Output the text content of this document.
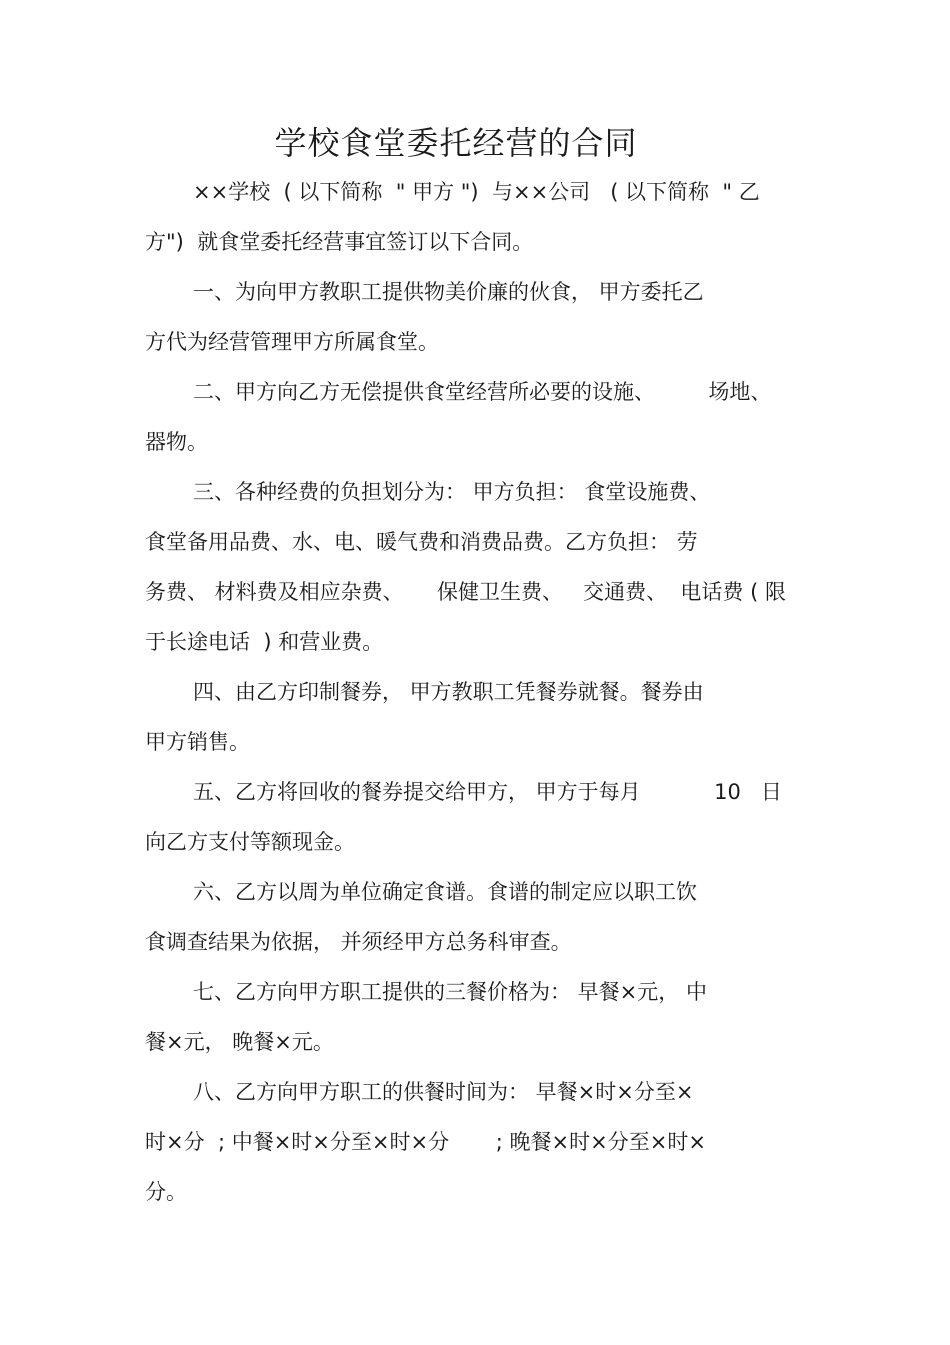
学校食堂委托经营的合同
××学校  ( 以下简称  " 甲方 ")  与××公司   ( 以下简称  " 乙
方")  就食堂委托经营事宜签订以下合同。
一、为向甲方教职工提供物美价廉的伙食， 甲方委托乙
方代为经营管理甲方所属食堂。
二、甲方向乙方无偿提供食堂经营所必要的设施、        场地、
器物。
三、各种经费的负担划分为： 甲方负担： 食堂设施费、
食堂备用品费、水、电、暖气费和消费品费。乙方负担： 劳
务费、 材料费及相应杂费、     保健卫生费、   交通费、  电话费 ( 限
于长途电话  ) 和营业费。
四、由乙方印制餐券， 甲方教职工凭餐券就餐。餐券由
甲方销售。
五、乙方将回收的餐券提交给甲方， 甲方于每月           10   日
向乙方支付等额现金。
六、乙方以周为单位确定食谱。食谱的制定应以职工饮
食调查结果为依据， 并须经甲方总务科审查。
七、乙方向甲方职工提供的三餐价格为： 早餐×元， 中
餐×元， 晚餐×元。
八、乙方向甲方职工的供餐时间为： 早餐×时×分至×
时×分  ; 中餐×时×分至×时×分       ; 晚餐×时×分至×时×
分。
